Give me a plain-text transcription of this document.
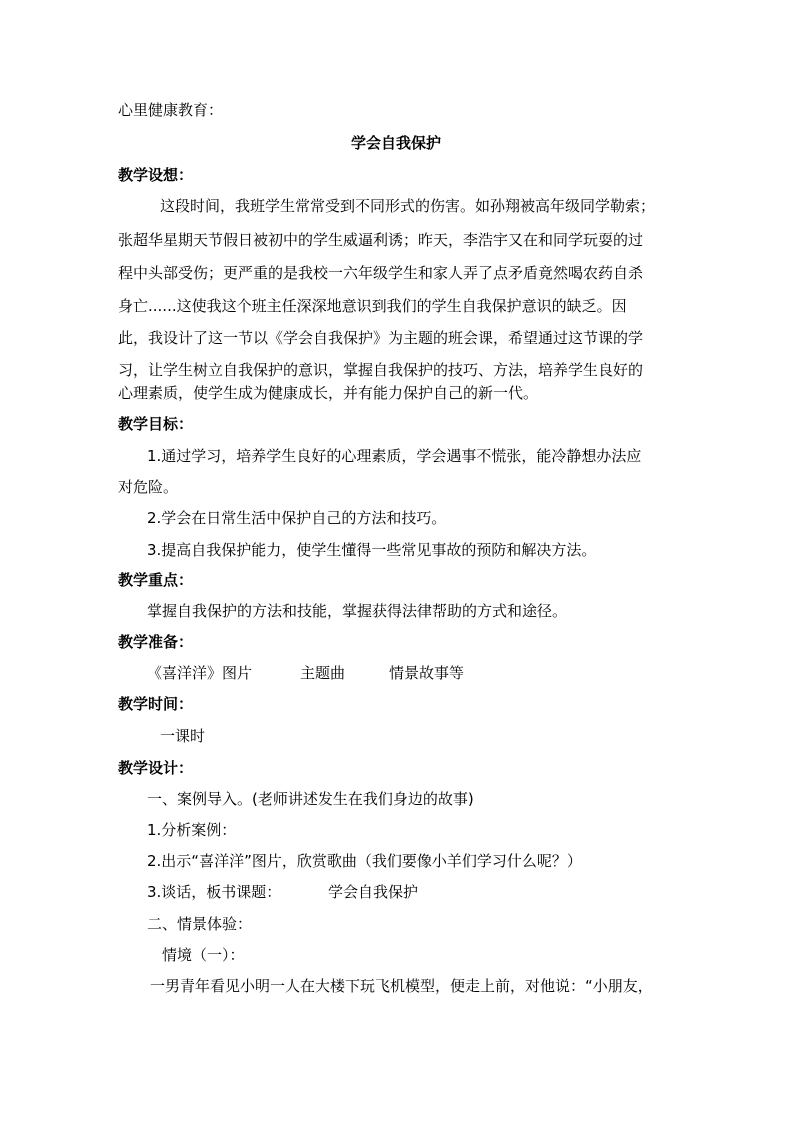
心里健康教育：
学会自我保护
教学设想：
这段时间，我班学生常常受到不同形式的伤害。如孙翔被高年级同学勒索；
张超华星期天节假日被初中的学生威逼利诱；昨天，李浩宇又在和同学玩耍的过
程中头部受伤；更严重的是我校一六年级学生和家人弄了点矛盾竟然喝农药自杀
身亡......这使我这个班主任深深地意识到我们的学生自我保护意识的缺乏。因
此，我设计了这一节以《学会自我保护》为主题的班会课，希望通过这节课的学
习，让学生树立自我保护的意识，掌握自我保护的技巧、方法，培养学生良好的
心理素质，使学生成为健康成长，并有能力保护自己的新一代。
教学目标：
1.通过学习，培养学生良好的心理素质，学会遇事不慌张，能冷静想办法应
对危险。
2.学会在日常生活中保护自己的方法和技巧。
3.提高自我保护能力，使学生懂得一些常见事故的预防和解决方法。
教学重点：
掌握自我保护的方法和技能，掌握获得法律帮助的方式和途径。
教学准备：
《喜洋洋》图片	主题曲	情景故事等
教学时间：
一课时
教学设计：
一、案例导入。(老师讲述发生在我们身边的故事)
1.分析案例：
2.出示“喜洋洋”图片，欣赏歌曲（我们要像小羊们学习什么呢？）
3.谈话，板书课题：	学会自我保护
二、情景体验：
情境（一）：
一男青年看见小明一人在大楼下玩飞机模型，便走上前，对他说：“小朋友，
